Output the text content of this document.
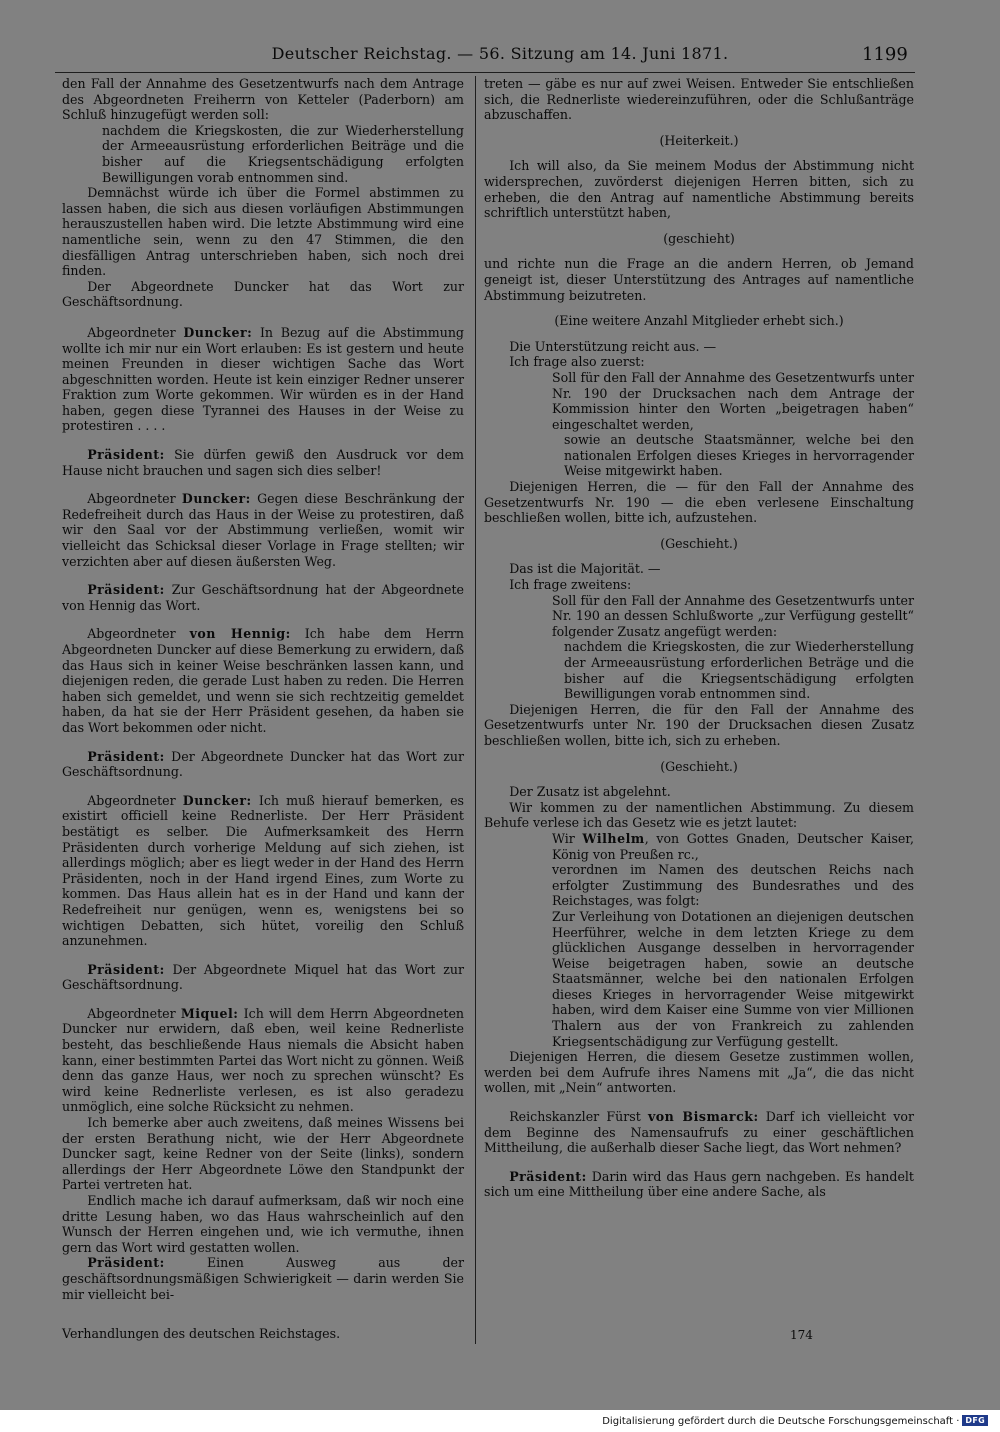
Deutscher Reichstag. — 56. Sitzung am 14. Juni 1871.	1199

den Fall der Annahme des Gesetzentwurfs nach dem Antrage des Abgeordneten Freiherrn von Ketteler (Paderborn) am Schluß hinzugefügt werden soll:

nachdem die Kriegskosten, die zur Wiederherstellung der Armeeausrüstung erforderlichen Beiträge und die bisher auf die Kriegsentschädigung erfolgten Bewilligungen vorab entnommen sind.

Demnächst würde ich über die Formel abstimmen zu lassen haben, die sich aus diesen vorläufigen Abstimmungen herauszustellen haben wird. Die letzte Abstimmung wird eine namentliche sein, wenn zu den 47 Stimmen, die den diesfälligen Antrag unterschrieben haben, sich noch drei finden.

Der Abgeordnete Duncker hat das Wort zur Geschäftsordnung.

Abgeordneter Duncker: In Bezug auf die Abstimmung wollte ich mir nur ein Wort erlauben: Es ist gestern und heute meinen Freunden in dieser wichtigen Sache das Wort abgeschnitten worden. Heute ist kein einziger Redner unserer Fraktion zum Worte gekommen. Wir würden es in der Hand haben, gegen diese Tyrannei des Hauses in der Weise zu protestiren . . . .

Präsident: Sie dürfen gewiß den Ausdruck vor dem Hause nicht brauchen und sagen sich dies selber!

Abgeordneter Duncker: Gegen diese Beschränkung der Redefreiheit durch das Haus in der Weise zu protestiren, daß wir den Saal vor der Abstimmung verließen, womit wir vielleicht das Schicksal dieser Vorlage in Frage stellten; wir verzichten aber auf diesen äußersten Weg.

Präsident: Zur Geschäftsordnung hat der Abgeordnete von Hennig das Wort.

Abgeordneter von Hennig: Ich habe dem Herrn Abgeordneten Duncker auf diese Bemerkung zu erwidern, daß das Haus sich in keiner Weise beschränken lassen kann, und diejenigen reden, die gerade Lust haben zu reden. Die Herren haben sich gemeldet, und wenn sie sich rechtzeitig gemeldet haben, da hat sie der Herr Präsident gesehen, da haben sie das Wort bekommen oder nicht.

Präsident: Der Abgeordnete Duncker hat das Wort zur Geschäftsordnung.

Abgeordneter Duncker: Ich muß hierauf bemerken, es existirt officiell keine Rednerliste. Der Herr Präsident bestätigt es selber. Die Aufmerksamkeit des Herrn Präsidenten durch vorherige Meldung auf sich ziehen, ist allerdings möglich; aber es liegt weder in der Hand des Herrn Präsidenten, noch in der Hand irgend Eines, zum Worte zu kommen. Das Haus allein hat es in der Hand und kann der Redefreiheit nur genügen, wenn es, wenigstens bei so wichtigen Debatten, sich hütet, voreilig den Schluß anzunehmen.

Präsident: Der Abgeordnete Miquel hat das Wort zur Geschäftsordnung.

Abgeordneter Miquel: Ich will dem Herrn Abgeordneten Duncker nur erwidern, daß eben, weil keine Rednerliste besteht, das beschließende Haus niemals die Absicht haben kann, einer bestimmten Partei das Wort nicht zu gönnen. Weiß denn das ganze Haus, wer noch zu sprechen wünscht? Es wird keine Rednerliste verlesen, es ist also geradezu unmöglich, eine solche Rücksicht zu nehmen.

Ich bemerke aber auch zweitens, daß meines Wissens bei der ersten Berathung nicht, wie der Herr Abgeordnete Duncker sagt, keine Redner von der Seite (links), sondern allerdings der Herr Abgeordnete Löwe den Standpunkt der Partei vertreten hat.

Endlich mache ich darauf aufmerksam, daß wir noch eine dritte Lesung haben, wo das Haus wahrscheinlich auf den Wunsch der Herren eingehen und, wie ich vermuthe, ihnen gern das Wort wird gestatten wollen.

Präsident: Einen Ausweg aus der geschäftsordnungsmäßigen Schwierigkeit — darin werden Sie mir vielleicht bei-

treten — gäbe es nur auf zwei Weisen. Entweder Sie entschließen sich, die Rednerliste wiedereinzuführen, oder die Schlußanträge abzuschaffen.

(Heiterkeit.)

Ich will also, da Sie meinem Modus der Abstimmung nicht widersprechen, zuvörderst diejenigen Herren bitten, sich zu erheben, die den Antrag auf namentliche Abstimmung bereits schriftlich unterstützt haben,

(geschieht)

und richte nun die Frage an die andern Herren, ob Jemand geneigt ist, dieser Unterstützung des Antrages auf namentliche Abstimmung beizutreten.

(Eine weitere Anzahl Mitglieder erhebt sich.)

Die Unterstützung reicht aus. —

Ich frage also zuerst:

Soll für den Fall der Annahme des Gesetzentwurfs unter Nr. 190 der Drucksachen nach dem Antrage der Kommission hinter den Worten „beigetragen haben“ eingeschaltet werden,

sowie an deutsche Staatsmänner, welche bei den nationalen Erfolgen dieses Krieges in hervorragender Weise mitgewirkt haben.

Diejenigen Herren, die — für den Fall der Annahme des Gesetzentwurfs Nr. 190 — die eben verlesene Einschaltung beschließen wollen, bitte ich, aufzustehen.

(Geschieht.)

Das ist die Majorität. —

Ich frage zweitens:

Soll für den Fall der Annahme des Gesetzentwurfs unter Nr. 190 an dessen Schlußworte „zur Verfügung gestellt“ folgender Zusatz angefügt werden:

nachdem die Kriegskosten, die zur Wiederherstellung der Armeeausrüstung erforderlichen Beträge und die bisher auf die Kriegsentschädigung erfolgten Bewilligungen vorab entnommen sind.

Diejenigen Herren, die für den Fall der Annahme des Gesetzentwurfs unter Nr. 190 der Drucksachen diesen Zusatz beschließen wollen, bitte ich, sich zu erheben.

(Geschieht.)

Der Zusatz ist abgelehnt.

Wir kommen zu der namentlichen Abstimmung. Zu diesem Behufe verlese ich das Gesetz wie es jetzt lautet:

Wir Wilhelm, von Gottes Gnaden, Deutscher Kaiser, König von Preußen rc.,

verordnen im Namen des deutschen Reichs nach erfolgter Zustimmung des Bundesrathes und des Reichstages, was folgt:

Zur Verleihung von Dotationen an diejenigen deutschen Heerführer, welche in dem letzten Kriege zu dem glücklichen Ausgange desselben in hervorragender Weise beigetragen haben, sowie an deutsche Staatsmänner, welche bei den nationalen Erfolgen dieses Krieges in hervorragender Weise mitgewirkt haben, wird dem Kaiser eine Summe von vier Millionen Thalern aus der von Frankreich zu zahlenden Kriegsentschädigung zur Verfügung gestellt.

Diejenigen Herren, die diesem Gesetze zustimmen wollen, werden bei dem Aufrufe ihres Namens mit „Ja“, die das nicht wollen, mit „Nein“ antworten.

Reichskanzler Fürst von Bismarck: Darf ich vielleicht vor dem Beginne des Namensaufrufs zu einer geschäftlichen Mittheilung, die außerhalb dieser Sache liegt, das Wort nehmen?

Präsident: Darin wird das Haus gern nachgeben. Es handelt sich um eine Mittheilung über eine andere Sache, als

Verhandlungen des deutschen Reichstages.	174
Digitalisierung gefördert durch die Deutsche Forschungsgemeinschaft · DFG
